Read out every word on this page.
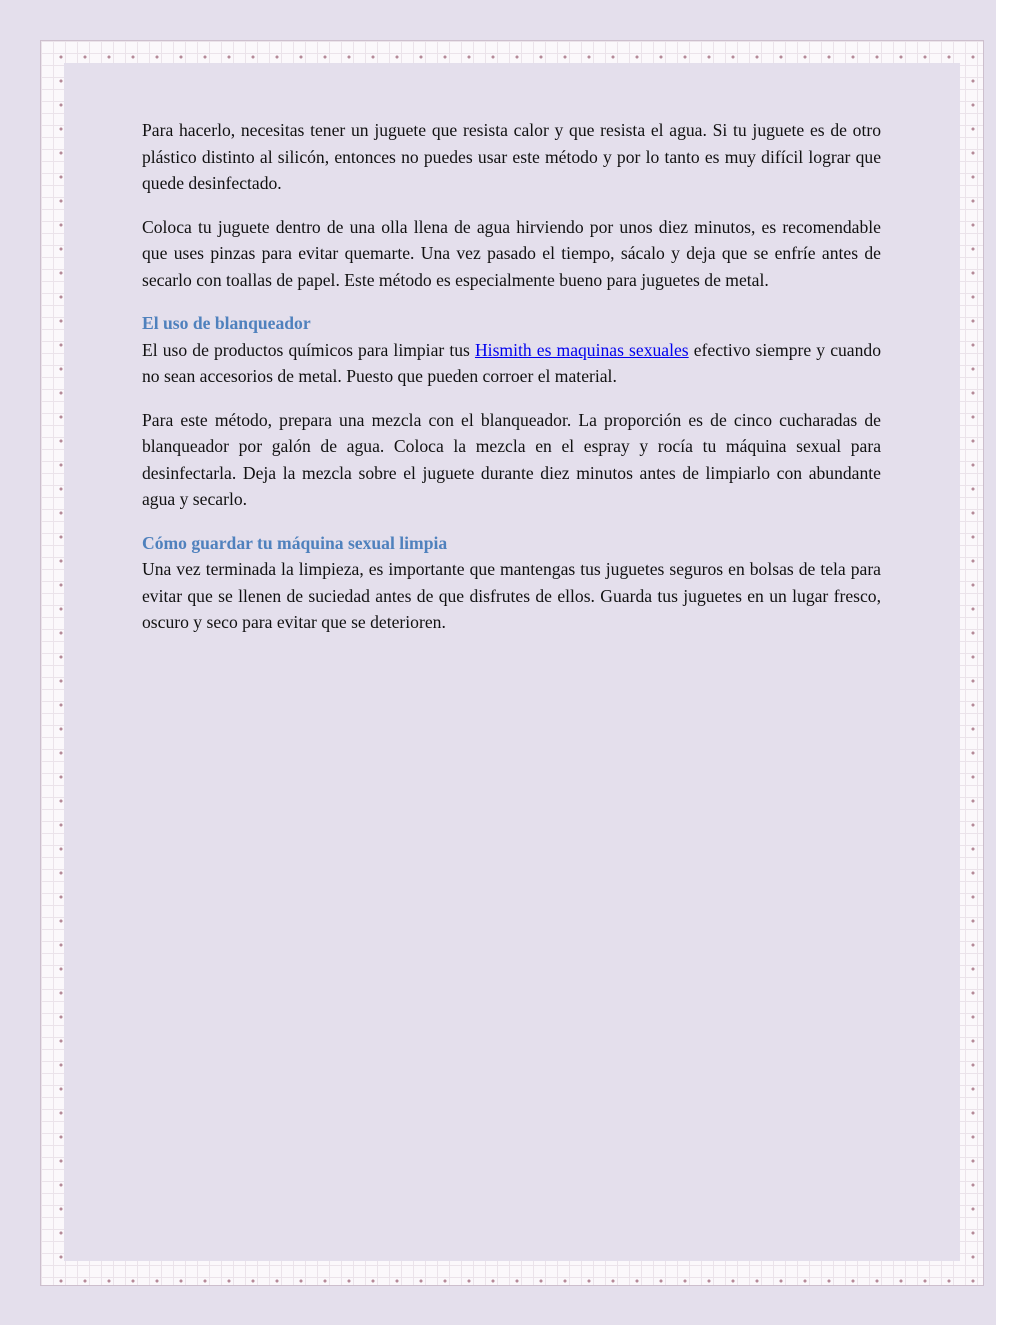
Para hacerlo, necesitas tener un juguete que resista calor y que resista el agua. Si tu juguete es de otro plástico distinto al silicón, entonces no puedes usar este método y por lo tanto es muy difícil lograr que quede desinfectado.

Coloca tu juguete dentro de una olla llena de agua hirviendo por unos diez minutos, es recomendable que uses pinzas para evitar quemarte. Una vez pasado el tiempo, sácalo y deja que se enfríe antes de secarlo con toallas de papel. Este método es especialmente bueno para juguetes de metal.

El uso de blanqueador
El uso de productos químicos para limpiar tus Hismith es maquinas sexuales efectivo siempre y cuando no sean accesorios de metal. Puesto que pueden corroer el material.

Para este método, prepara una mezcla con el blanqueador. La proporción es de cinco cucharadas de blanqueador por galón de agua. Coloca la mezcla en el espray y rocía tu máquina sexual para desinfectarla. Deja la mezcla sobre el juguete durante diez minutos antes de limpiarlo con abundante agua y secarlo.

Cómo guardar tu máquina sexual limpia
Una vez terminada la limpieza, es importante que mantengas tus juguetes seguros en bolsas de tela para evitar que se llenen de suciedad antes de que disfrutes de ellos. Guarda tus juguetes en un lugar fresco, oscuro y seco para evitar que se deterioren.
